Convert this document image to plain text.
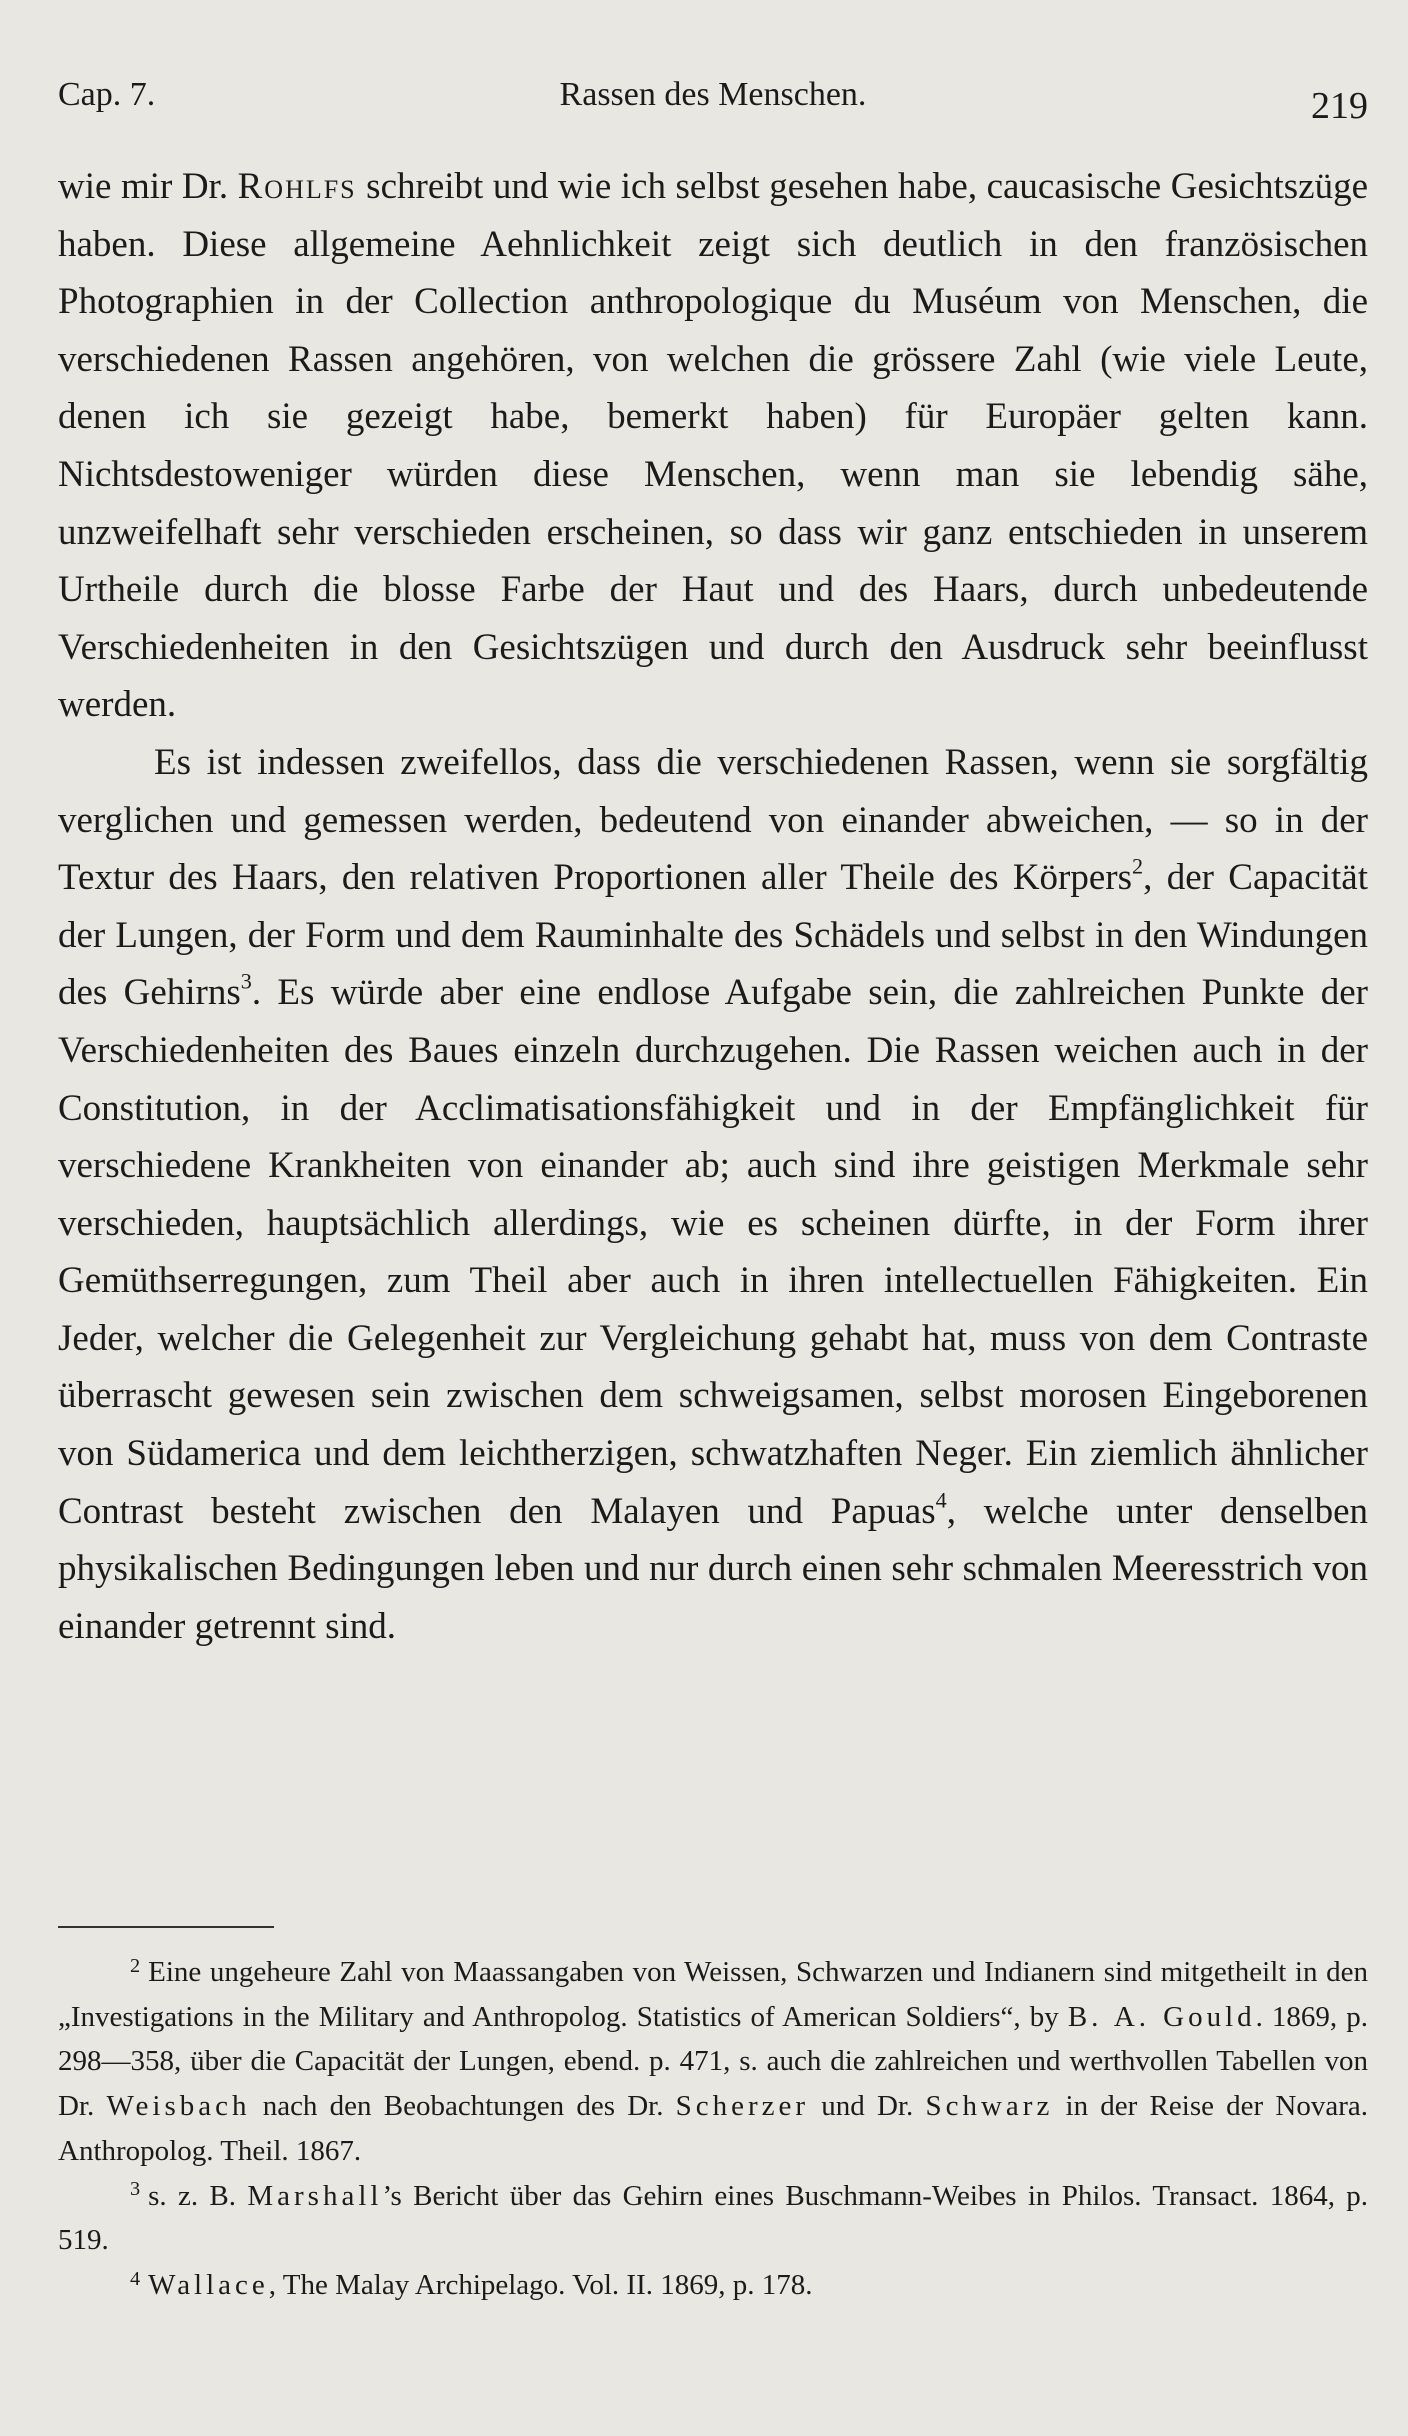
Cap. 7.	Rassen des Menschen.	219

wie mir Dr. Rohlfs schreibt und wie ich selbst gesehen habe, caucasische Gesichtszüge haben. Diese allgemeine Aehnlichkeit zeigt sich deutlich in den französischen Photographien in der Collection anthropologique du Muséum von Menschen, die verschiedenen Rassen angehören, von welchen die grössere Zahl (wie viele Leute, denen ich sie gezeigt habe, bemerkt haben) für Europäer gelten kann. Nichtsdestoweniger würden diese Menschen, wenn man sie lebendig sähe, unzweifelhaft sehr verschieden erscheinen, so dass wir ganz entschieden in unserem Urtheile durch die blosse Farbe der Haut und des Haars, durch unbedeutende Verschiedenheiten in den Gesichtszügen und durch den Ausdruck sehr beeinflusst werden.

Es ist indessen zweifellos, dass die verschiedenen Rassen, wenn sie sorgfältig verglichen und gemessen werden, bedeutend von einander abweichen, — so in der Textur des Haars, den relativen Proportionen aller Theile des Körpers$^2$, der Capacität der Lungen, der Form und dem Rauminhalte des Schädels und selbst in den Windungen des Gehirns$^3$. Es würde aber eine endlose Aufgabe sein, die zahlreichen Punkte der Verschiedenheiten des Baues einzeln durchzugehen. Die Rassen weichen auch in der Constitution, in der Acclimatisationsfähigkeit und in der Empfänglichkeit für verschiedene Krankheiten von einander ab; auch sind ihre geistigen Merkmale sehr verschieden, hauptsächlich allerdings, wie es scheinen dürfte, in der Form ihrer Gemüthserregungen, zum Theil aber auch in ihren intellectuellen Fähigkeiten. Ein Jeder, welcher die Gelegenheit zur Vergleichung gehabt hat, muss von dem Contraste überrascht gewesen sein zwischen dem schweigsamen, selbst morosen Eingeborenen von Südamerica und dem leichtherzigen, schwatzhaften Neger. Ein ziemlich ähnlicher Contrast besteht zwischen den Malayen und Papuas$^4$, welche unter denselben physikalischen Bedingungen leben und nur durch einen sehr schmalen Meeresstrich von einander getrennt sind.

$^2$ Eine ungeheure Zahl von Maassangaben von Weissen, Schwarzen und Indianern sind mitgetheilt in den „Investigations in the Military and Anthropolog. Statistics of American Soldiers“, by B. A. Gould. 1869, p. 298—358, über die Capacität der Lungen, ebend. p. 471, s. auch die zahlreichen und werthvollen Tabellen von Dr. Weisbach nach den Beobachtungen des Dr. Scherzer und Dr. Schwarz in der Reise der Novara. Anthropolog. Theil. 1867.

$^3$ s. z. B. Marshall’s Bericht über das Gehirn eines Buschmann-Weibes in Philos. Transact. 1864, p. 519.

$^4$ Wallace, The Malay Archipelago. Vol. II. 1869, p. 178.
